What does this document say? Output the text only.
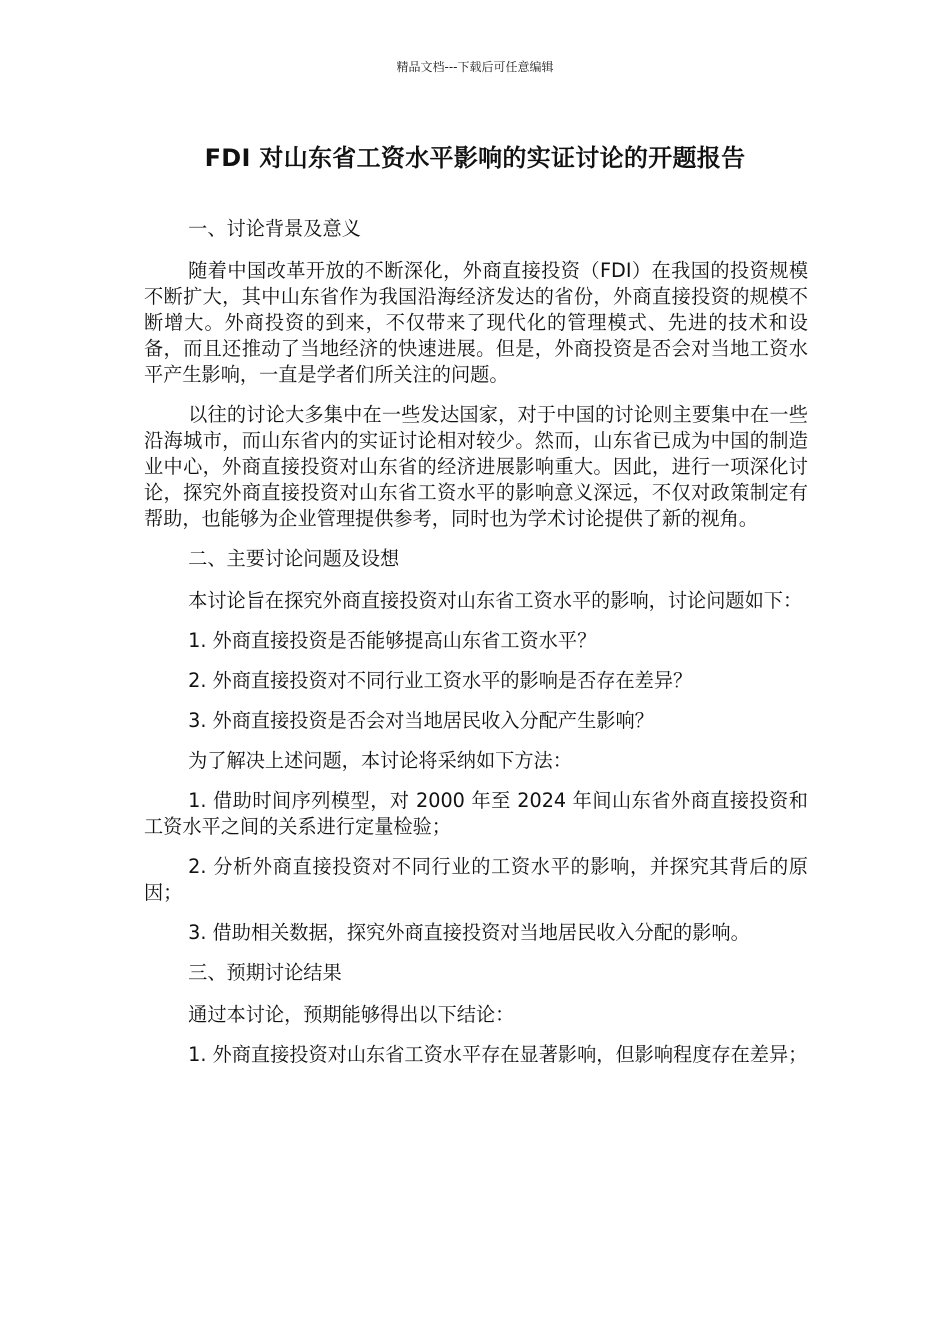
精品文档---下载后可任意编辑
FDI 对山东省工资水平影响的实证讨论的开题报告

一、讨论背景及意义

随着中国改革开放的不断深化，外商直接投资（FDI）在我国的投资规模不断扩大，其中山东省作为我国沿海经济发达的省份，外商直接投资的规模不断增大。外商投资的到来，不仅带来了现代化的管理模式、先进的技术和设备，而且还推动了当地经济的快速进展。但是，外商投资是否会对当地工资水平产生影响，一直是学者们所关注的问题。

以往的讨论大多集中在一些发达国家，对于中国的讨论则主要集中在一些沿海城市，而山东省内的实证讨论相对较少。然而，山东省已成为中国的制造业中心，外商直接投资对山东省的经济进展影响重大。因此，进行一项深化讨论，探究外商直接投资对山东省工资水平的影响意义深远，不仅对政策制定有帮助，也能够为企业管理提供参考，同时也为学术讨论提供了新的视角。

二、主要讨论问题及设想

本讨论旨在探究外商直接投资对山东省工资水平的影响，讨论问题如下：

1. 外商直接投资是否能够提高山东省工资水平？

2. 外商直接投资对不同行业工资水平的影响是否存在差异？

3. 外商直接投资是否会对当地居民收入分配产生影响？

为了解决上述问题，本讨论将采纳如下方法：

1. 借助时间序列模型，对 2000 年至 2024 年间山东省外商直接投资和工资水平之间的关系进行定量检验；

2. 分析外商直接投资对不同行业的工资水平的影响，并探究其背后的原因；

3. 借助相关数据，探究外商直接投资对当地居民收入分配的影响。

三、预期讨论结果

通过本讨论，预期能够得出以下结论：

1. 外商直接投资对山东省工资水平存在显著影响，但影响程度存在差异；
